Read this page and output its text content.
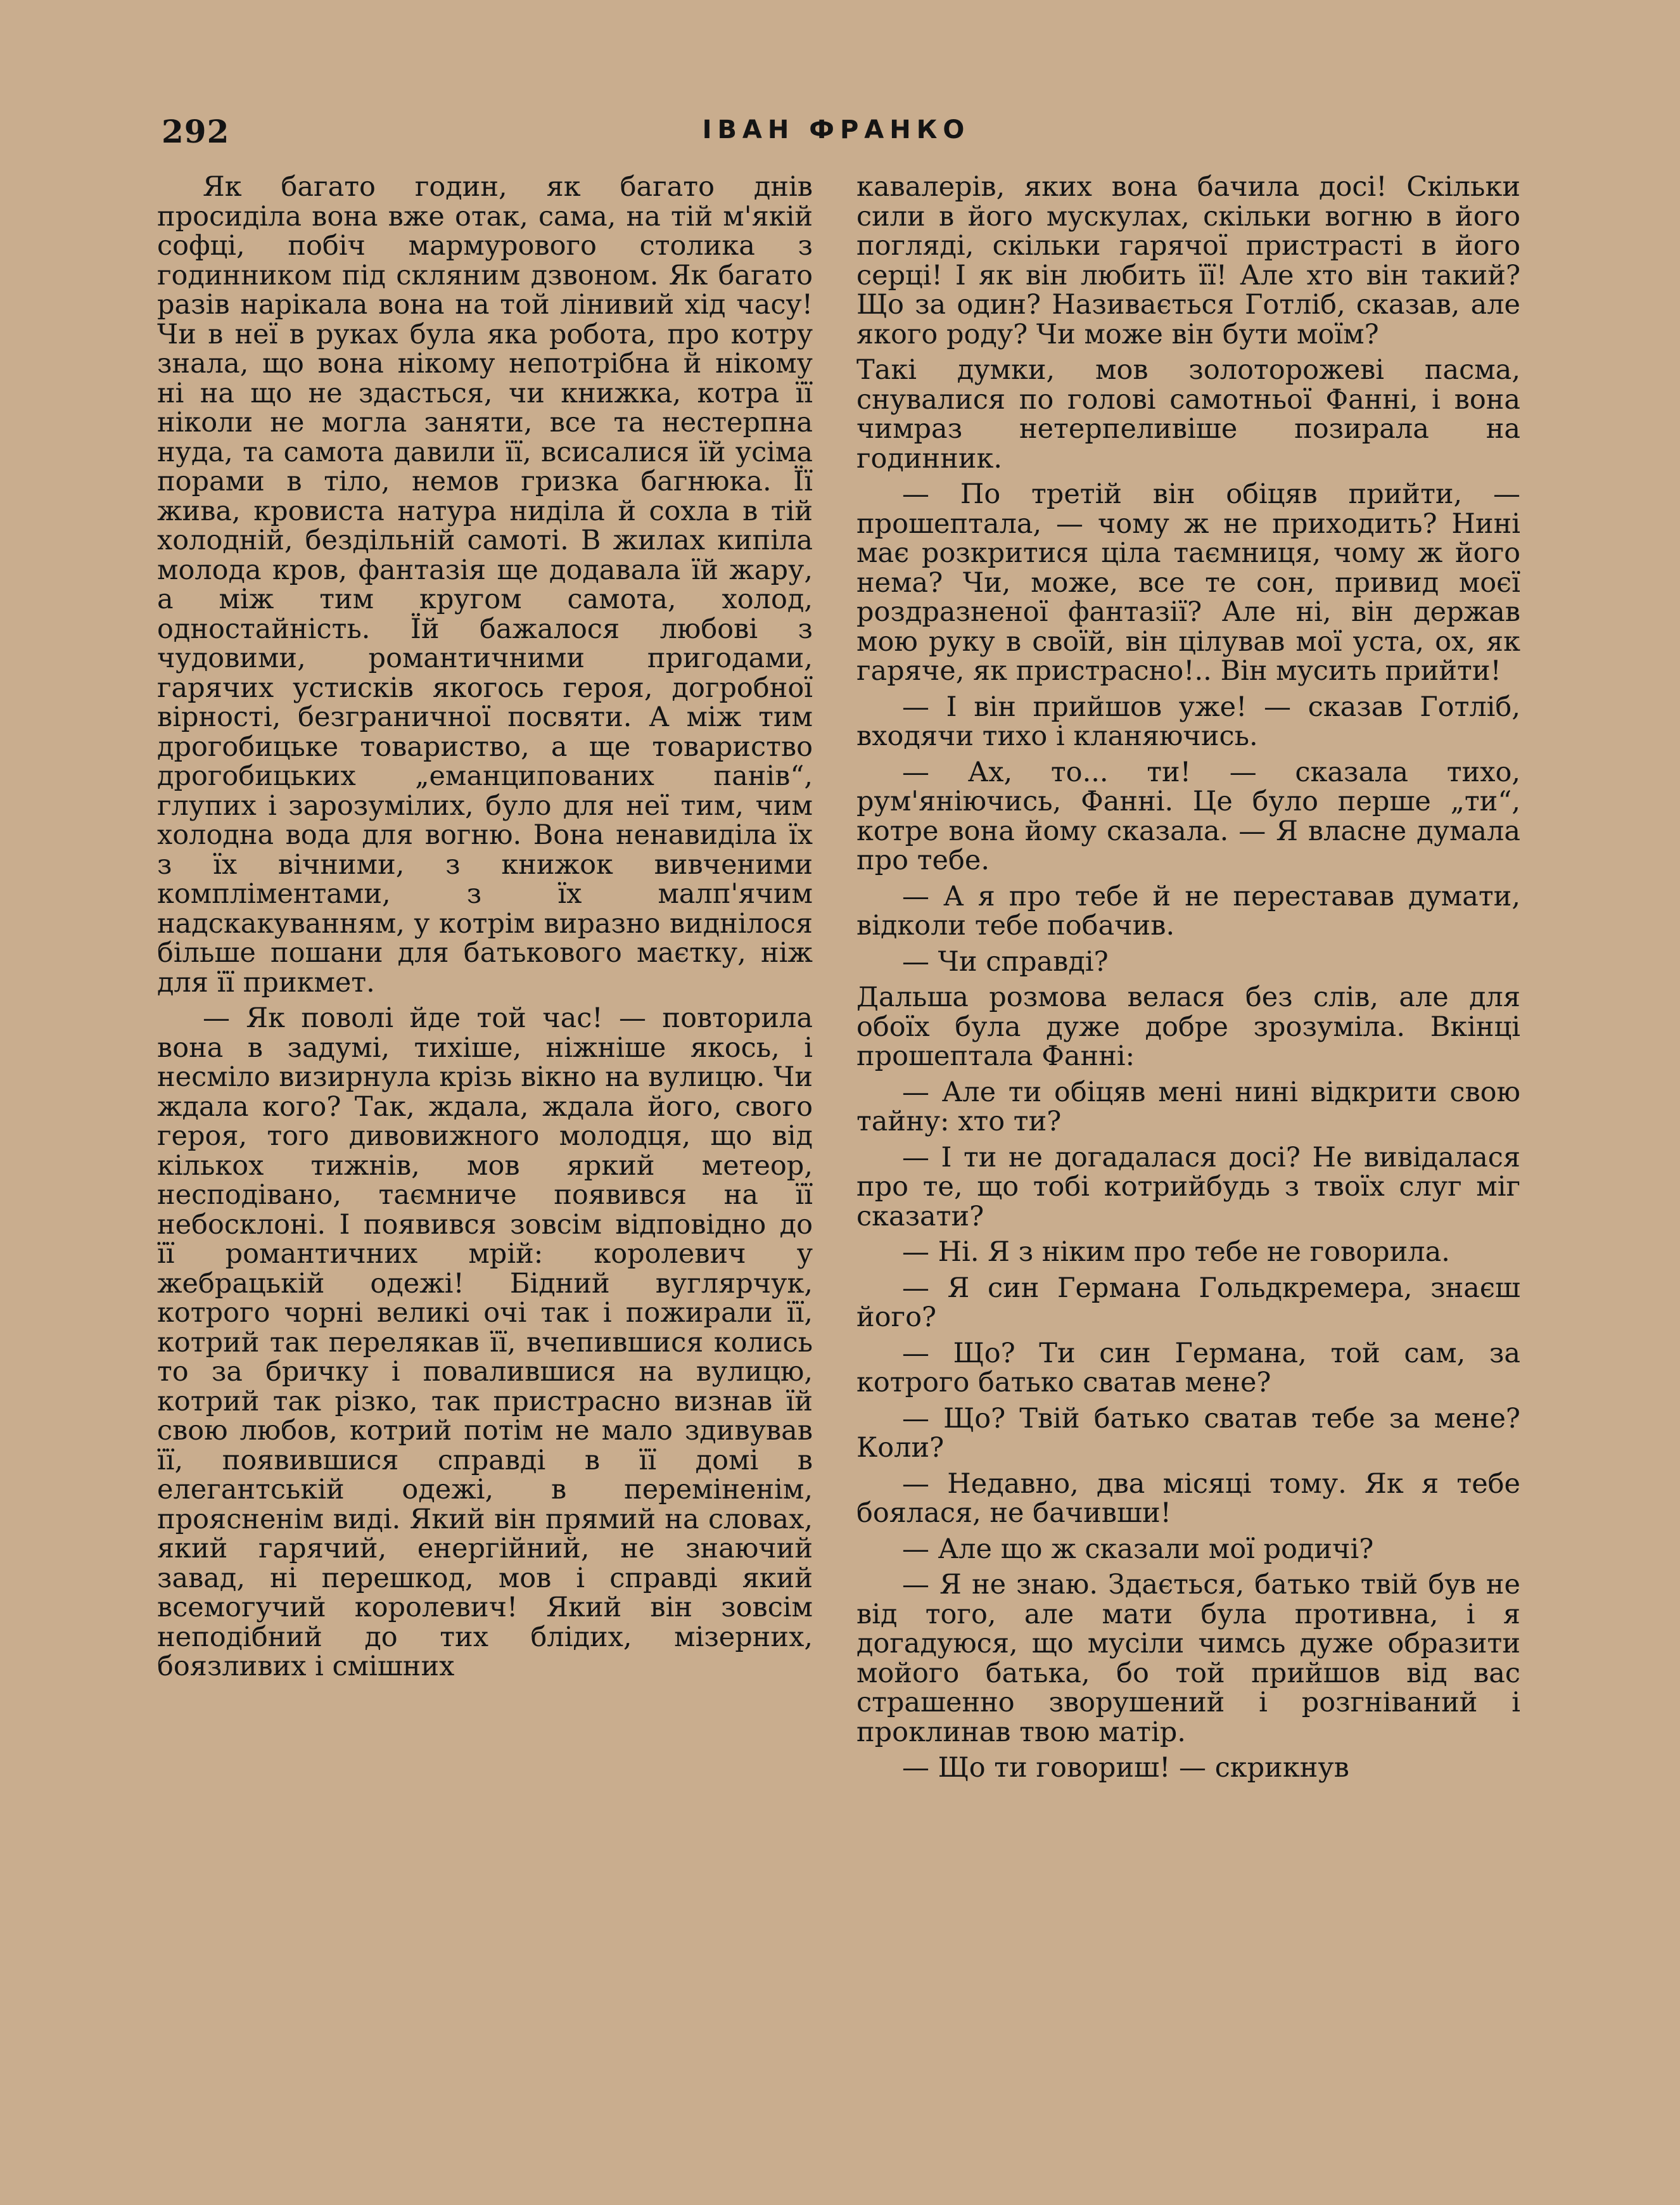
292	ІВАН ФРАНКО

Як багато годин, як багато днів просиділа вона вже отак, сама, на тій м'якій софці, побіч мармурового столика з годинником під скляним дзвоном. Як багато разів нарікала вона на той лінивий хід часу! Чи в неї в руках була яка робота, про котру знала, що вона нікому непотрібна й нікому ні на що не здасться, чи книжка, котра її ніколи не могла заняти, все та нестерпна нуда, та самота давили її, всисалися їй усіма порами в тіло, немов гризка багнюка. Її жива, кровиста натура ниділа й сохла в тій холодній, бездільній самоті. В жилах кипіла молода кров, фантазія ще додавала їй жару, а між тим кругом самота, холод, одностайність. Їй бажалося любові з чудовими, романтичними пригодами, гарячих устисків якогось героя, догробної вірності, безграничної посвяти. А між тим дрогобицьке товариство, а ще товариство дрогобицьких „еманципованих панів“, глупих і зарозумілих, було для неї тим, чим холодна вода для вогню. Вона ненавиділа їх з їх вічними, з книжок вивченими компліментами, з їх малп'ячим надскакуванням, у котрім виразно виднілося більше пошани для батькового маєтку, ніж для її прикмет.

— Як поволі йде той час! — повторила вона в задумі, тихіше, ніжніше якось, і несміло визирнула крізь вікно на вулицю. Чи ждала кого? Так, ждала, ждала його, свого героя, того дивовижного молодця, що від кількох тижнів, мов яркий метеор, несподівано, таємниче появився на її небосклоні. І появився зовсім відповідно до її романтичних мрій: королевич у жебрацькій одежі! Бідний вуглярчук, котрого чорні великі очі так і пожирали її, котрий так перелякав її, вчепившися колись то за бричку і повалившися на вулицю, котрий так різко, так пристрасно визнав їй свою любов, котрий потім не мало здивував її, появившися справді в її домі в елегантській одежі, в переміненім, прояснeнім виді. Який він прямий на словах, який гарячий, енергійний, не знаючий завад, ні перешкод, мов і справді який всемогучий королевич! Який він зовсім неподібний до тих блідих, мізерних, боязливих і смішних

кавалерів, яких вона бачила досі! Скільки сили в його мускулах, скільки вогню в його погляді, скільки гарячої пристрасті в його серці! І як він любить її! Але хто він такий? Що за один? Називається Готліб, сказав, але якого роду? Чи може він бути моїм?

Такі думки, мов золоторожеві пасма, снувалися по голові самотньої Фанні, і вона чимраз нетерпеливіше позирала на годинник.

— По третій він обіцяв прийти, — прошептала, — чому ж не приходить? Нині має розкритися ціла таємниця, чому ж його нема? Чи, може, все те сон, привид моєї роздразненої фантазії? Але ні, він держав мою руку в своїй, він цілував мої уста, ох, як гаряче, як пристрасно!.. Він мусить прийти!

— І він прийшов уже! — сказав Готліб, входячи тихо і кланяючись.

— Ах, то... ти! — сказала тихо, рум'яніючись, Фанні. Це було перше „ти“, котре вона йому сказала. — Я власне думала про тебе.

— А я про тебе й не переставав думати, відколи тебе побачив.

— Чи справді?

Дальша розмова велася без слів, але для обоїх була дуже добре зрозуміла. Вкінці прошептала Фанні:

— Але ти обіцяв мені нині відкрити свою тайну: хто ти?

— І ти не догадалася досі? Не вивідалася про те, що тобі котрийбудь з твоїх слуг міг сказати?

— Ні. Я з ніким про тебе не говорила.

— Я син Германа Гольдкремера, знаєш його?

— Що? Ти син Германа, той сам, за котрого батько сватав мене?

— Що? Твій батько сватав тебе за мене? Коли?

— Недавно, два місяці тому. Як я тебе боялася, не бачивши!

— Але що ж сказали мої родичі?

— Я не знаю. Здається, батько твій був не від того, але мати була противна, і я догадуюся, що мусіли чимсь дуже образити мойого батька, бо той прийшов від вас страшенно зворушений і розгніваний і проклинав твою матір.

— Що ти говориш! — скрикнув
